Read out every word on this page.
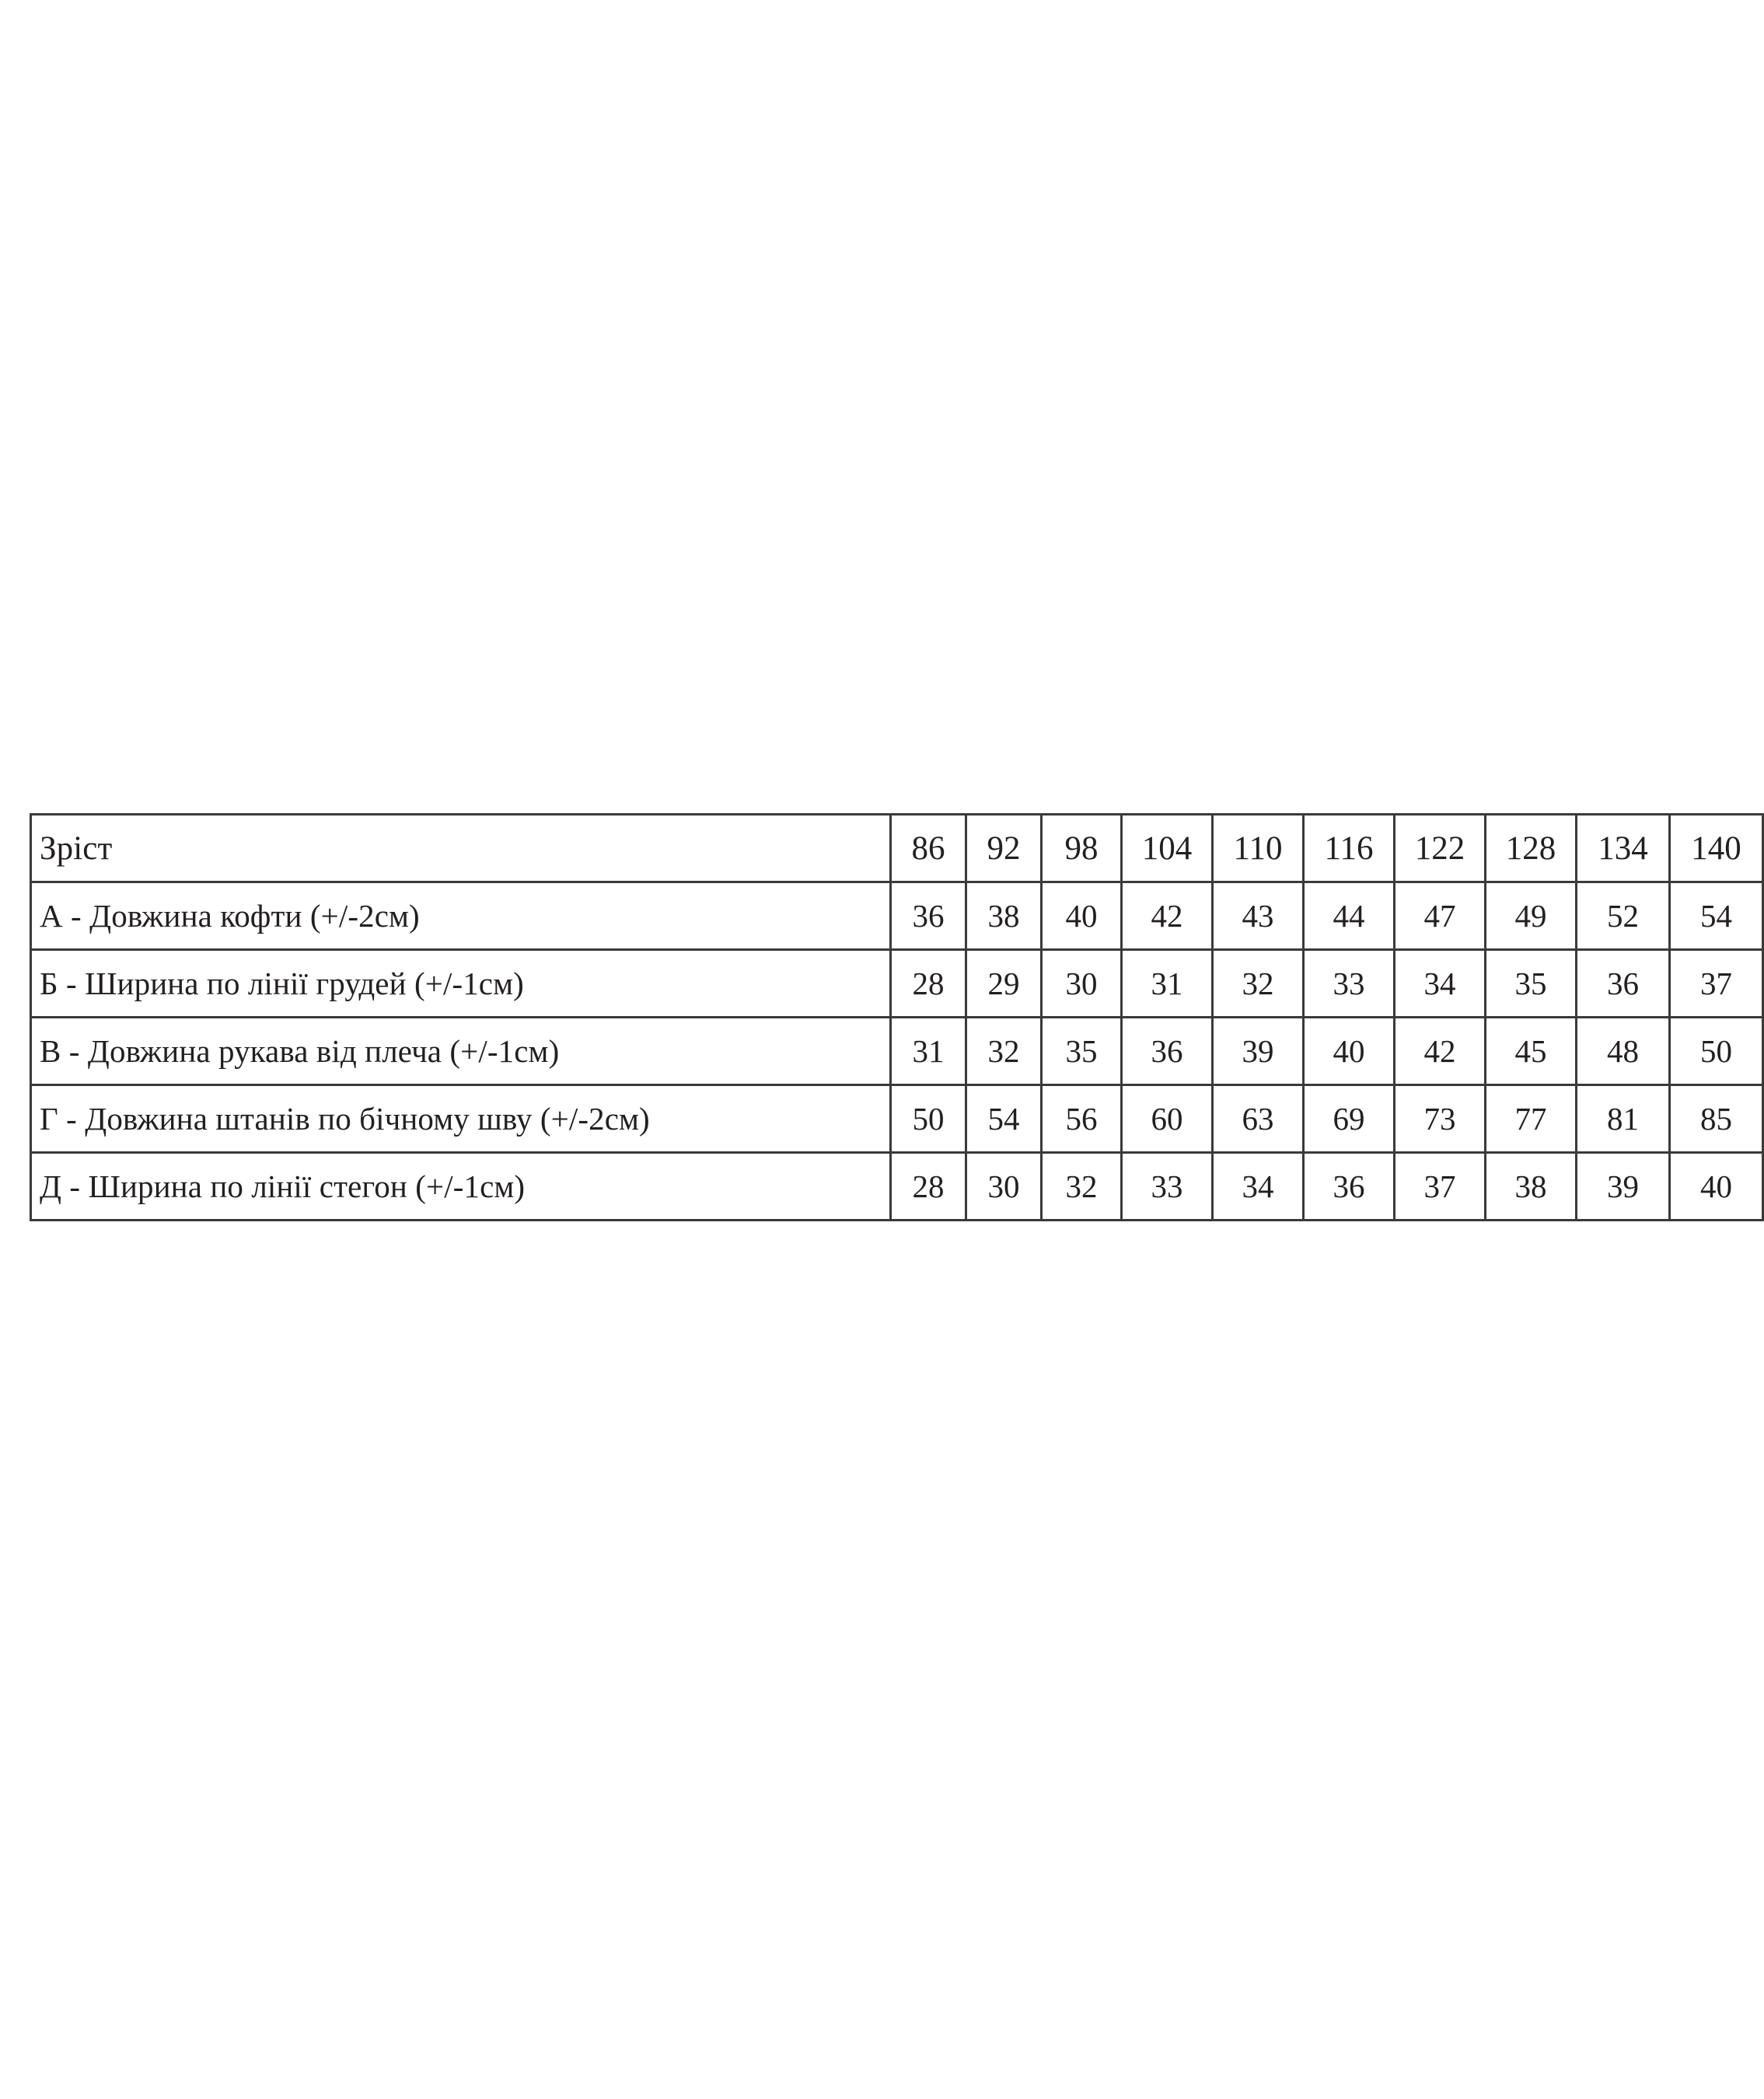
Зріст	86	92	98	104	110	116	122	128	134	140
А - Довжина кофти (+/-2см)	36	38	40	42	43	44	47	49	52	54
Б - Ширина по лінії грудей (+/-1см)	28	29	30	31	32	33	34	35	36	37
В - Довжина рукава від плеча (+/-1см)	31	32	35	36	39	40	42	45	48	50
Г - Довжина штанів по бічному шву (+/-2см)	50	54	56	60	63	69	73	77	81	85
Д - Ширина по лінії стегон (+/-1см)	28	30	32	33	34	36	37	38	39	40
